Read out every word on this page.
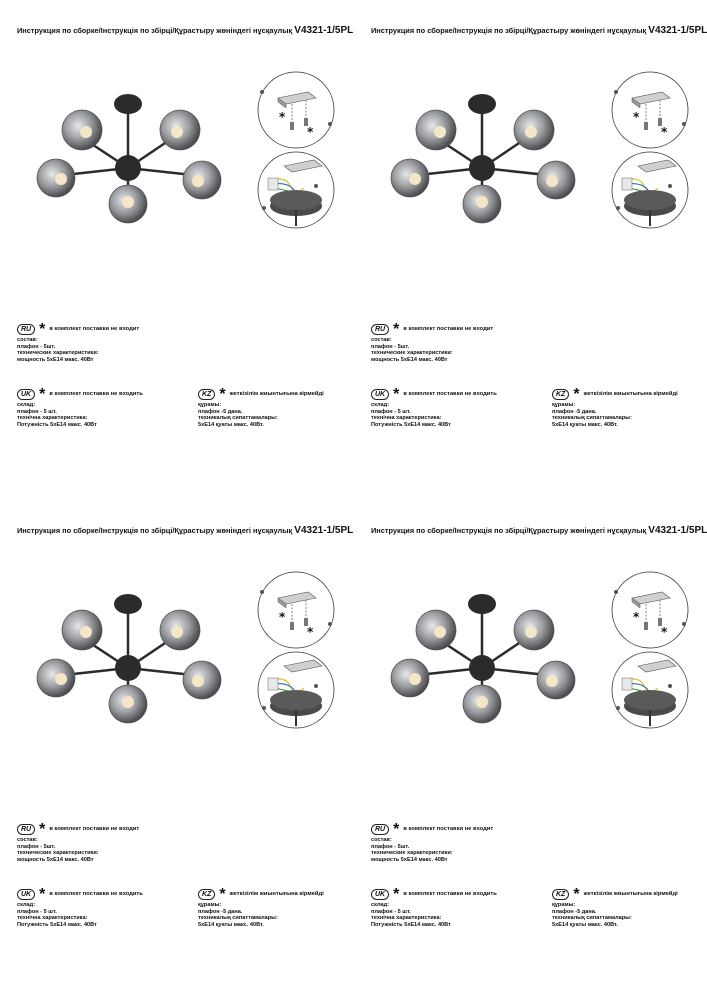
Инструкция по сборке/Інструкція по збірці/Құрастыру жөніндегі нұсқаулық V4321-1/5PL
*
*
RU * в комплект поставки не входит
состав:
плафон - 5шт.
технические характеристики:
мощность 5xE14 макс. 40Вт
UK * в комплект поставки не входить
склад:
плафон - 5 шт.
технічна характеристика:
Потужність 5xE14 макс. 40Вт
KZ * жеткізілім жиынтығына кірмейді
құрамы:
плафон -5 дана.
техникалық сипаттамалары:
5xE14 қуаты макс. 40Вт.
Инструкция по сборке/Інструкція по збірці/Құрастыру жөніндегі нұсқаулық V4321-1/5PL
*
*
RU * в комплект поставки не входит
состав:
плафон - 5шт.
технические характеристики:
мощность 5xE14 макс. 40Вт
UK * в комплект поставки не входить
склад:
плафон - 5 шт.
технічна характеристика:
Потужність 5xE14 макс. 40Вт
KZ * жеткізілім жиынтығына кірмейді
құрамы:
плафон -5 дана.
техникалық сипаттамалары:
5xE14 қуаты макс. 40Вт.
Инструкция по сборке/Інструкція по збірці/Құрастыру жөніндегі нұсқаулық V4321-1/5PL
*
*
RU * в комплект поставки не входит
состав:
плафон - 5шт.
технические характеристики:
мощность 5xE14 макс. 40Вт
UK * в комплект поставки не входить
склад:
плафон - 5 шт.
технічна характеристика:
Потужність 5xE14 макс. 40Вт
KZ * жеткізілім жиынтығына кірмейді
құрамы:
плафон -5 дана.
техникалық сипаттамалары:
5xE14 қуаты макс. 40Вт.
Инструкция по сборке/Інструкція по збірці/Құрастыру жөніндегі нұсқаулық V4321-1/5PL
*
*
RU * в комплект поставки не входит
состав:
плафон - 5шт.
технические характеристики:
мощность 5xE14 макс. 40Вт
UK * в комплект поставки не входить
склад:
плафон - 5 шт.
технічна характеристика:
Потужність 5xE14 макс. 40Вт
KZ * жеткізілім жиынтығына кірмейді
құрамы:
плафон -5 дана.
техникалық сипаттамалары:
5xE14 қуаты макс. 40Вт.
